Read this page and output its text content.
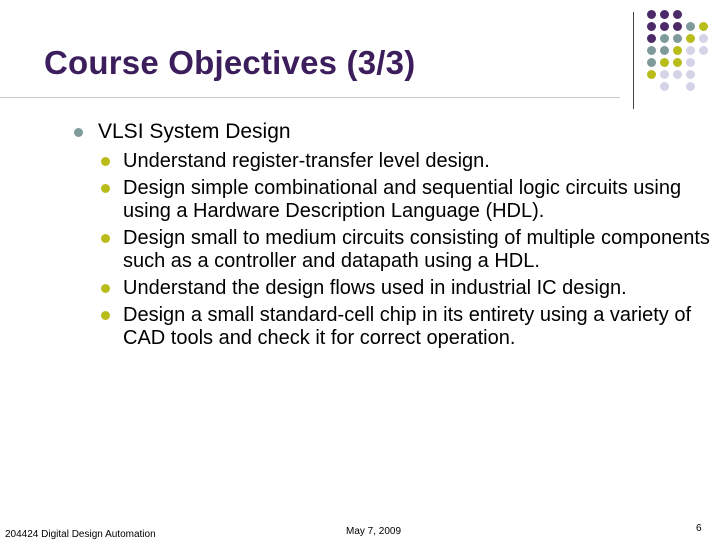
Course Objectives (3/3)
VLSI System Design
Understand register-transfer level design.
Design simple combinational and sequential logic circuits using using a Hardware Description Language (HDL).
Design small to medium circuits consisting of multiple components such as a controller and datapath using a HDL.
Understand the design flows used in industrial IC design.
Design a small standard-cell chip in its entirety using a variety of CAD tools and check it for correct operation.
204424 Digital Design Automation	May 7, 2009	6
